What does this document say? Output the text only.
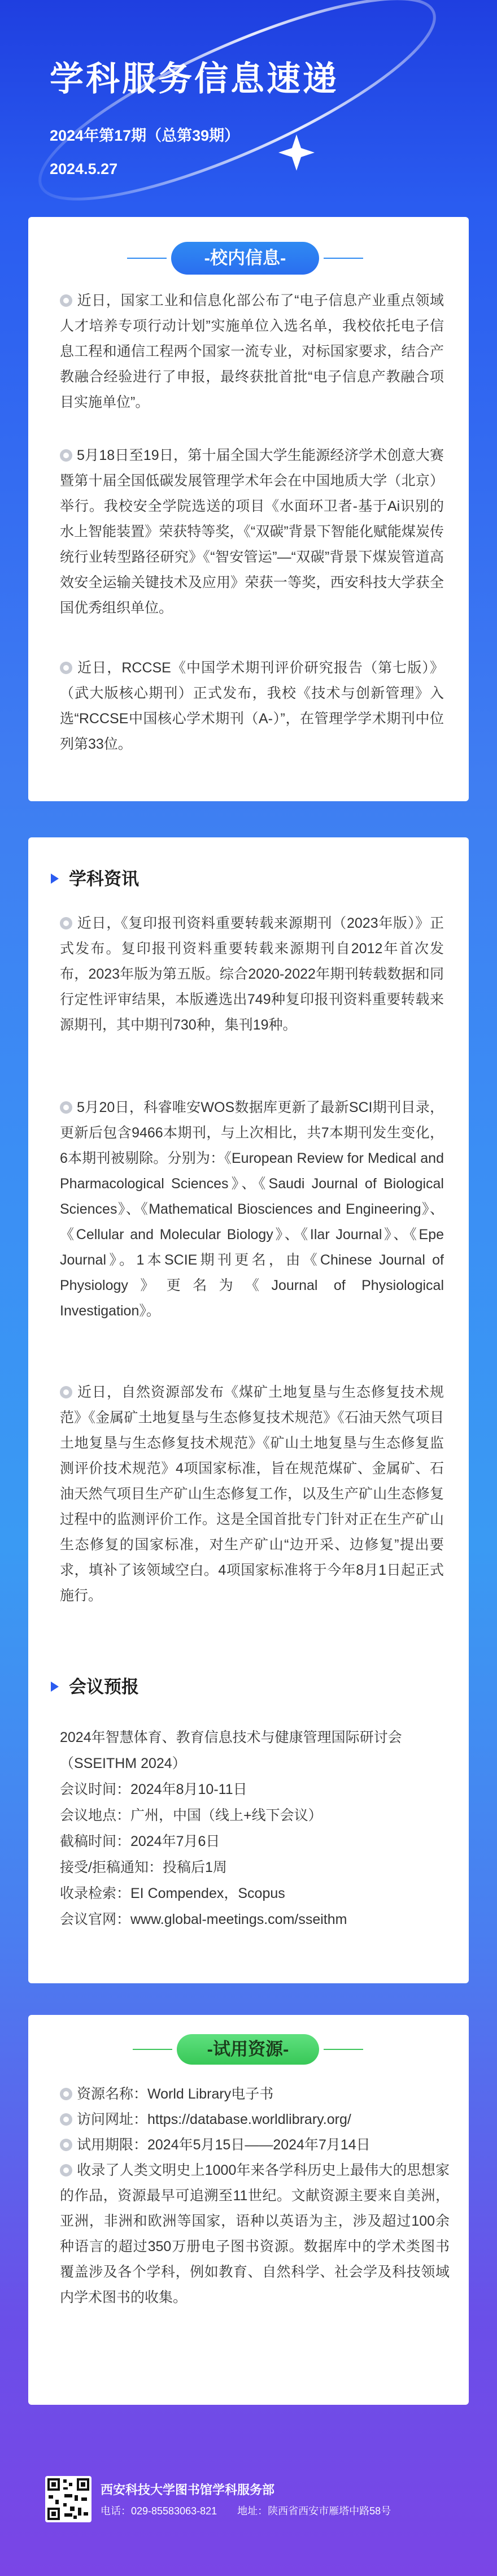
学科服务信息速递
2024年第17期（总第39期）
2024.5.27
-校内信息-
近日，国家工业和信息化部公布了“电子信息产业重点领域人才培养专项行动计划”实施单位入选名单，我校依托电子信息工程和通信工程两个国家一流专业，对标国家要求，结合产教融合经验进行了申报，最终获批首批“电子信息产教融合项目实施单位”。
5月18日至19日，第十届全国大学生能源经济学术创意大赛暨第十届全国低碳发展管理学术年会在中国地质大学（北京）举行。我校安全学院选送的项目《水面环卫者-基于Ai识别的水上智能装置》荣获特等奖，《“双碳”背景下智能化赋能煤炭传统行业转型路径研究》《“智安管运”—“双碳”背景下煤炭管道高效安全运输关键技术及应用》荣获一等奖，西安科技大学获全国优秀组织单位。
近日，RCCSE《中国学术期刊评价研究报告（第七版）》（武大版核心期刊）正式发布，我校《技术与创新管理》入选“RCCSE中国核心学术期刊（A-）”，在管理学学术期刊中位列第33位。
学科资讯
近日，《复印报刊资料重要转载来源期刊（2023年版）》正式发布。复印报刊资料重要转载来源期刊自2012年首次发布，2023年版为第五版。综合2020-2022年期刊转载数据和同行定性评审结果，本版遴选出749种复印报刊资料重要转载来源期刊，其中期刊730种，集刊19种。
5月20日，科睿唯安WOS数据库更新了最新SCI期刊目录，更新后包含9466本期刊，与上次相比，共7本期刊发生变化，6本期刊被剔除。分别为：《European Review for Medical and Pharmacological Sciences》、《Saudi Journal of Biological Sciences》、《Mathematical Biosciences and Engineering》、《Cellular and Molecular Biology》、《Ilar Journal》、《Epe Journal》。1本SCIE期刊更名，由《Chinese Journal of Physiology》更名为《Journal of Physiological Investigation》。
近日，自然资源部发布《煤矿土地复垦与生态修复技术规范》《金属矿土地复垦与生态修复技术规范》《石油天然气项目土地复垦与生态修复技术规范》《矿山土地复垦与生态修复监测评价技术规范》4项国家标准，旨在规范煤矿、金属矿、石油天然气项目生产矿山生态修复工作，以及生产矿山生态修复过程中的监测评价工作。这是全国首批专门针对正在生产矿山生态修复的国家标准，对生产矿山“边开采、边修复”提出要求，填补了该领域空白。4项国家标准将于今年8月1日起正式施行。
会议预报
2024年智慧体育、教育信息技术与健康管理国际研讨会（SSEITHM 2024）
会议时间：2024年8月10-11日
会议地点：广州，中国（线上+线下会议）
截稿时间：2024年7月6日
接受/拒稿通知：投稿后1周
收录检索：EI Compendex，Scopus
会议官网：www.global-meetings.com/sseithm
-试用资源-
资源名称：World Library电子书
访问网址：https://database.worldlibrary.org/
试用期限：2024年5月15日——2024年7月14日
收录了人类文明史上1000年来各学科历史上最伟大的思想家的作品，资源最早可追溯至11世纪。文献资源主要来自美洲，亚洲，非洲和欧洲等国家，语种以英语为主，涉及超过100余种语言的超过350万册电子图书资源。数据库中的学术类图书覆盖涉及各个学科，例如教育、自然科学、社会学及科技领域内学术图书的收集。
西安科技大学图书馆学科服务部
电话：029-85583063-821 地址：陕西省西安市雁塔中路58号
